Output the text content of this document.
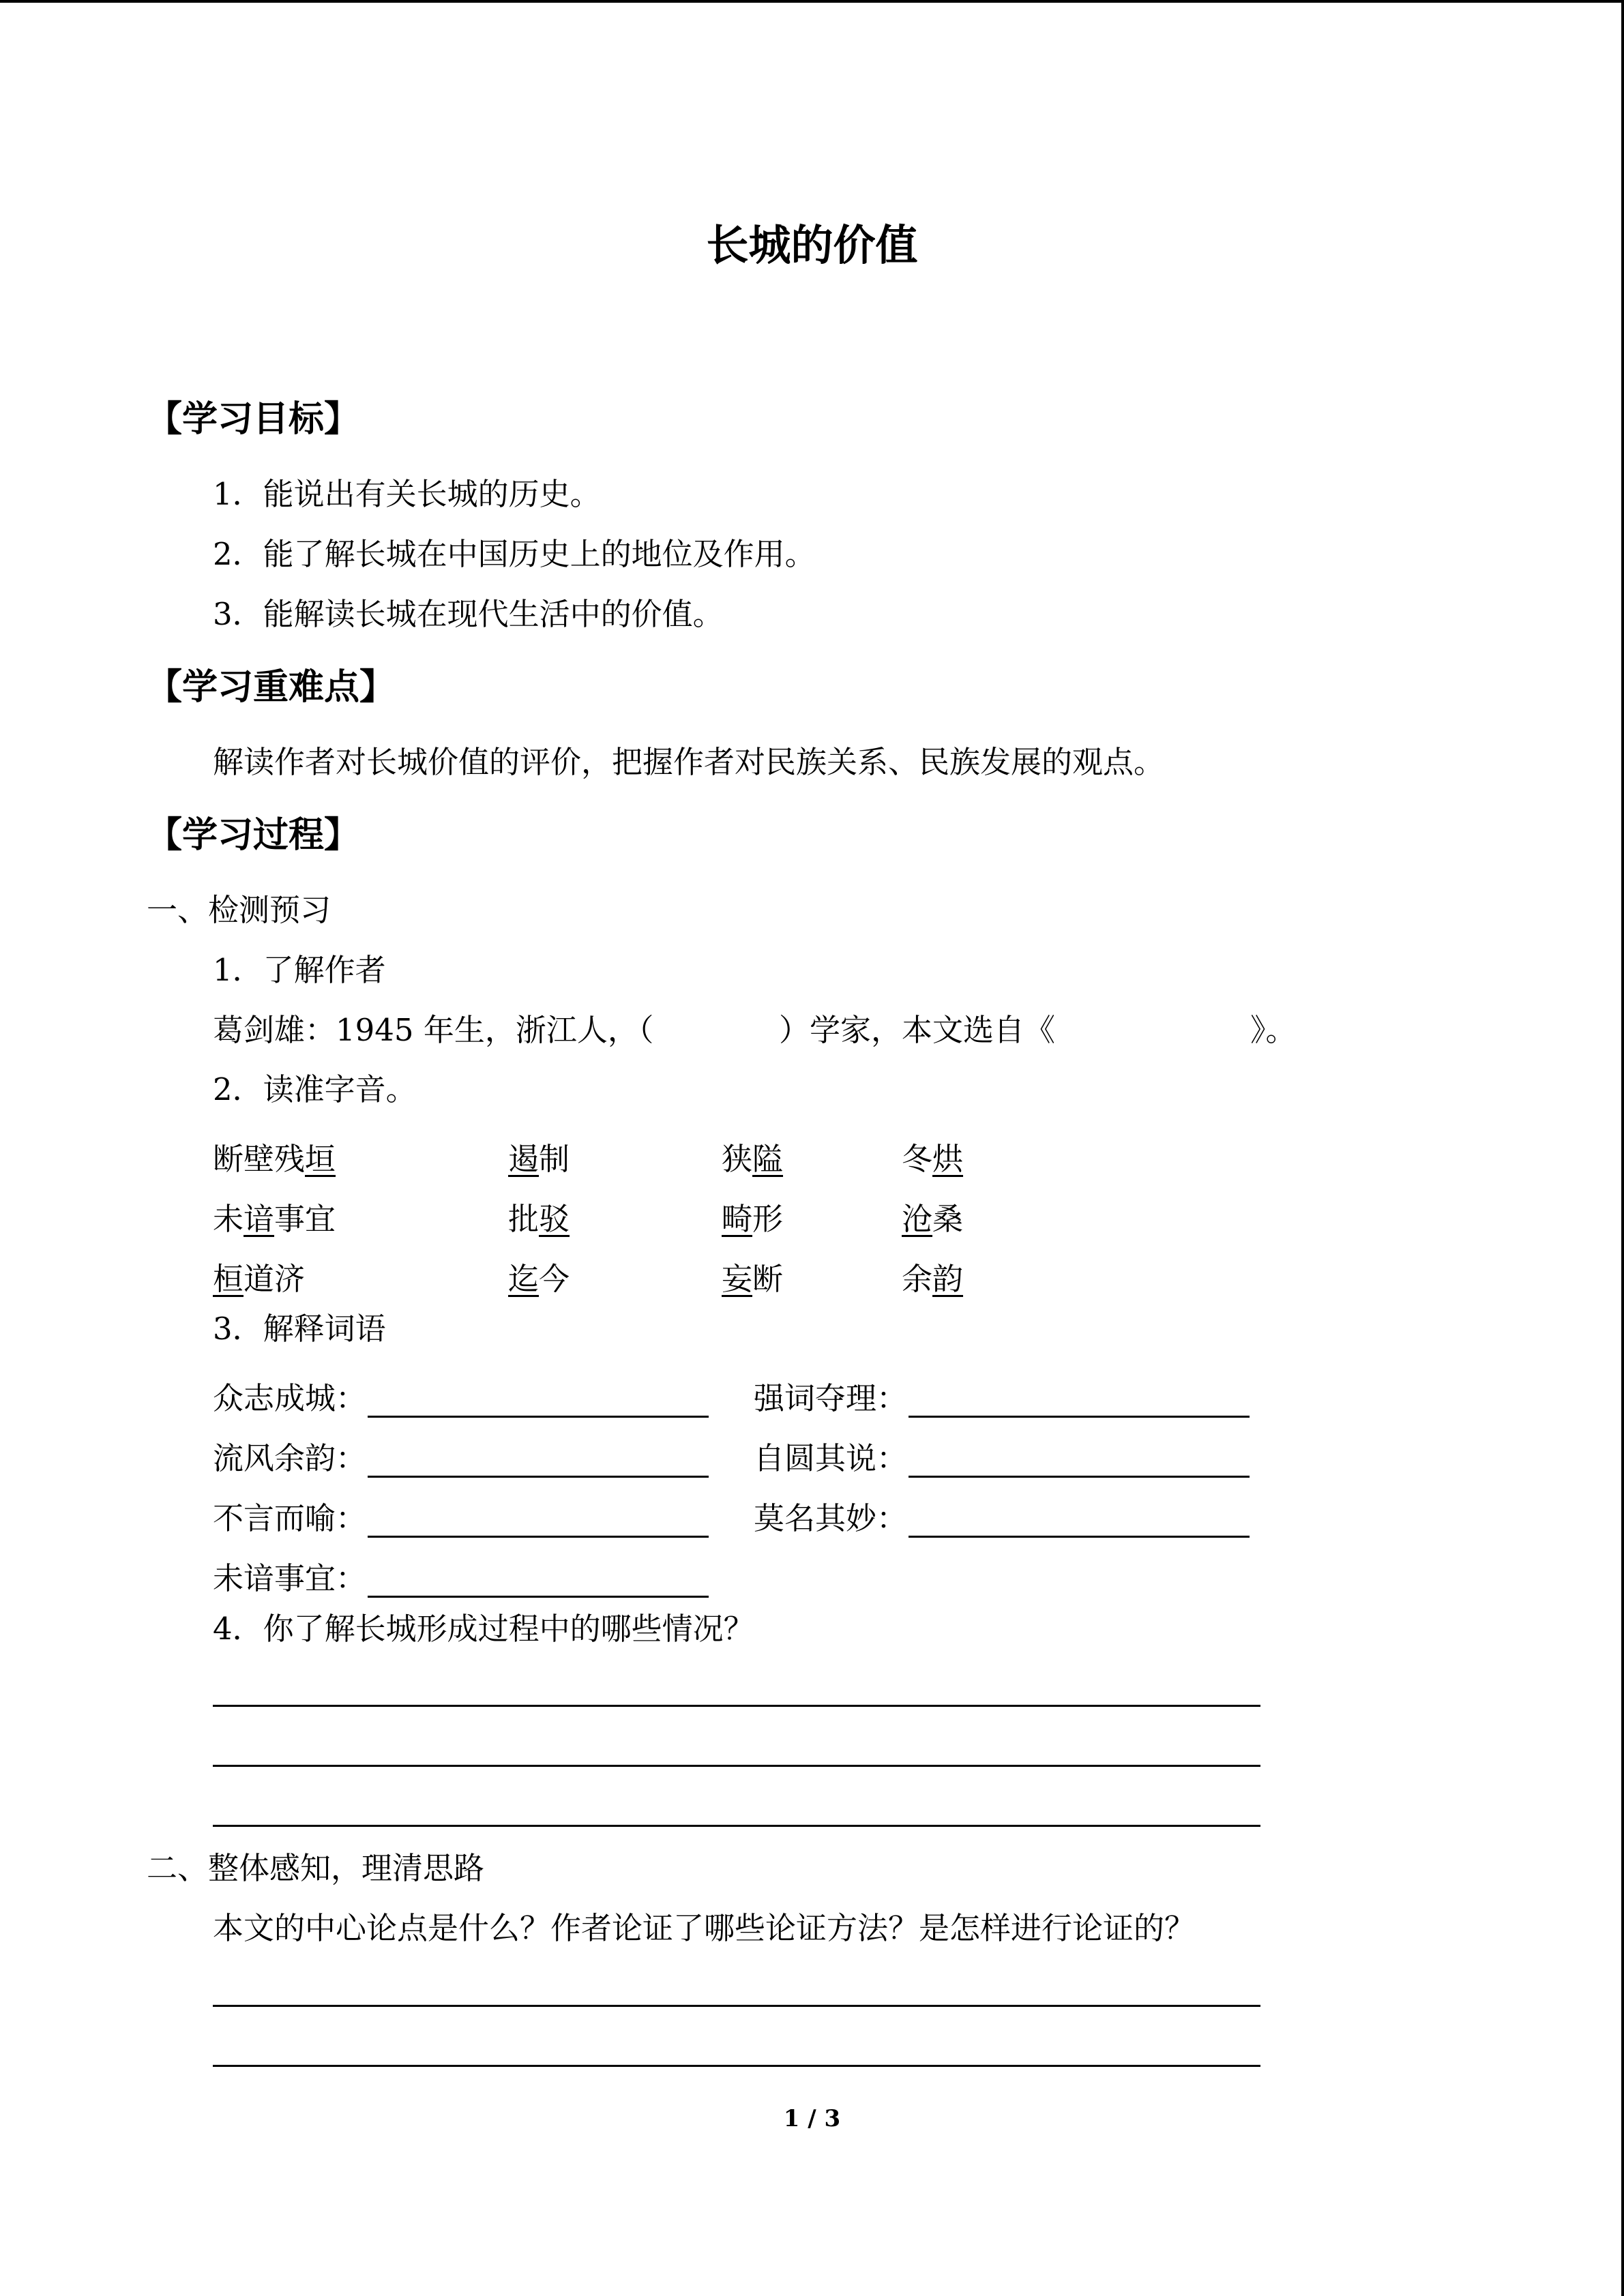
长城的价值
【学习目标】
1．能说出有关长城的历史。
2．能了解长城在中国历史上的地位及作用。
3．能解读长城在现代生活中的价值。
【学习重难点】
解读作者对长城价值的评价，把握作者对民族关系、民族发展的观点。
【学习过程】
一、检测预习
1．了解作者
葛剑雄：1945 年生，浙江人，（	）学家，本文选自《	》。
2．读准字音。
断壁残垣	遏制	狭隘	冬烘
未谙事宜	批驳	畸形	沧桑
桓道济	迄今	妄断	余韵
3．解释词语
众志成城：	强词夺理：
流风余韵：	自圆其说：
不言而喻：	莫名其妙：
未谙事宜：
4．你了解长城形成过程中的哪些情况？
二、整体感知，理清思路
本文的中心论点是什么？作者论证了哪些论证方法？是怎样进行论证的？
1 / 3
